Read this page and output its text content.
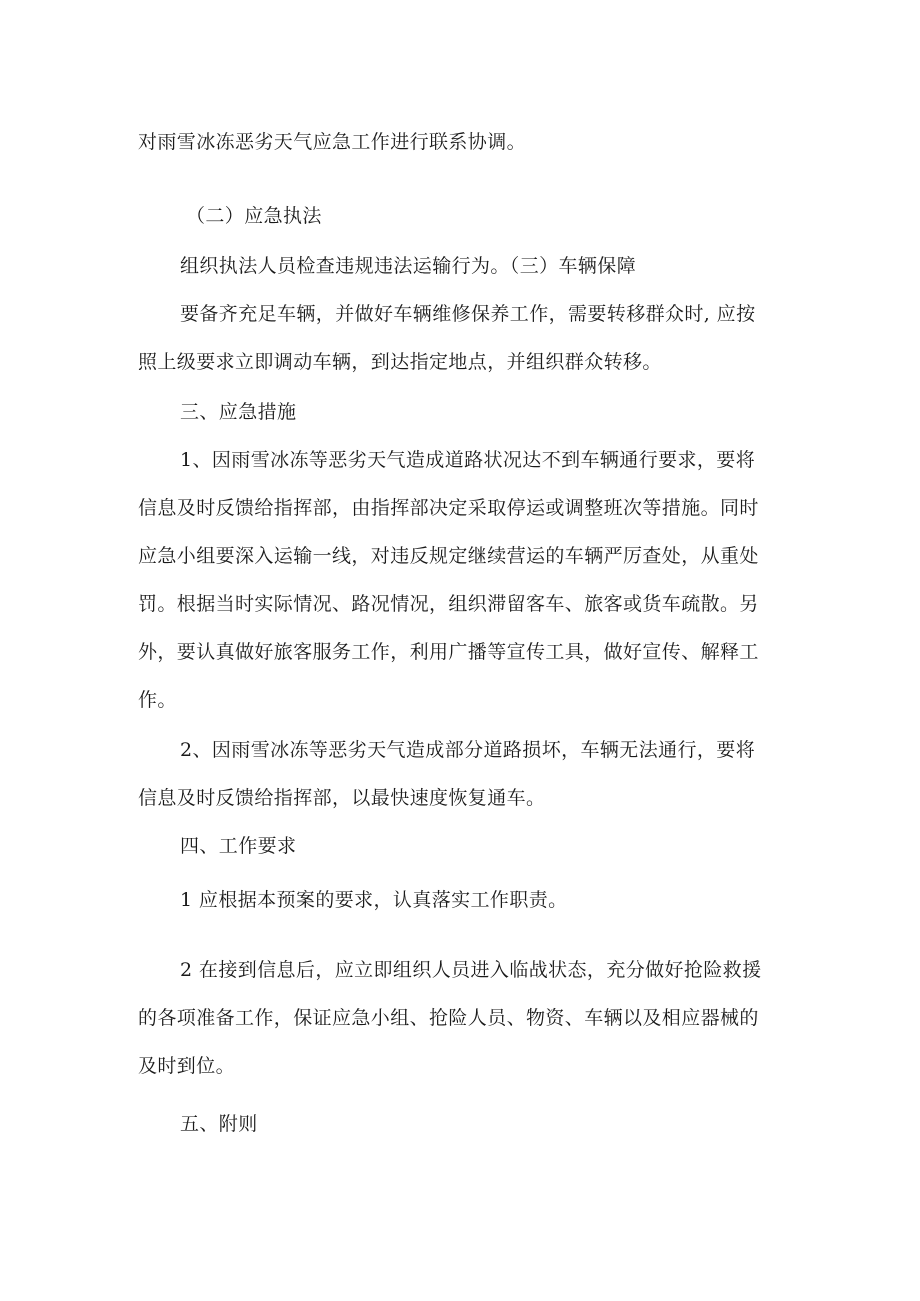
对雨雪冰冻恶劣天气应急工作进行联系协调。
（二）应急执法
组织执法人员检查违规违法运输行为。（三）车辆保障
要备齐充足车辆，并做好车辆维修保养工作，需要转移群众时, 应按
照上级要求立即调动车辆，到达指定地点，并组织群众转移。
三、应急措施
1、因雨雪冰冻等恶劣天气造成道路状况达不到车辆通行要求，要将
信息及时反馈给指挥部，由指挥部决定采取停运或调整班次等措施。同时
应急小组要深入运输一线，对违反规定继续营运的车辆严厉查处，从重处
罚。根据当时实际情况、路况情况，组织滞留客车、旅客或货车疏散。另
外，要认真做好旅客服务工作，利用广播等宣传工具，做好宣传、解释工
作。
2、因雨雪冰冻等恶劣天气造成部分道路损坏，车辆无法通行，要将
信息及时反馈给指挥部，以最快速度恢复通车。
四、工作要求
1 应根据本预案的要求，认真落实工作职责。
2 在接到信息后，应立即组织人员进入临战状态，充分做好抢险救援
的各项准备工作，保证应急小组、抢险人员、物资、车辆以及相应器械的
及时到位。
五、附则
